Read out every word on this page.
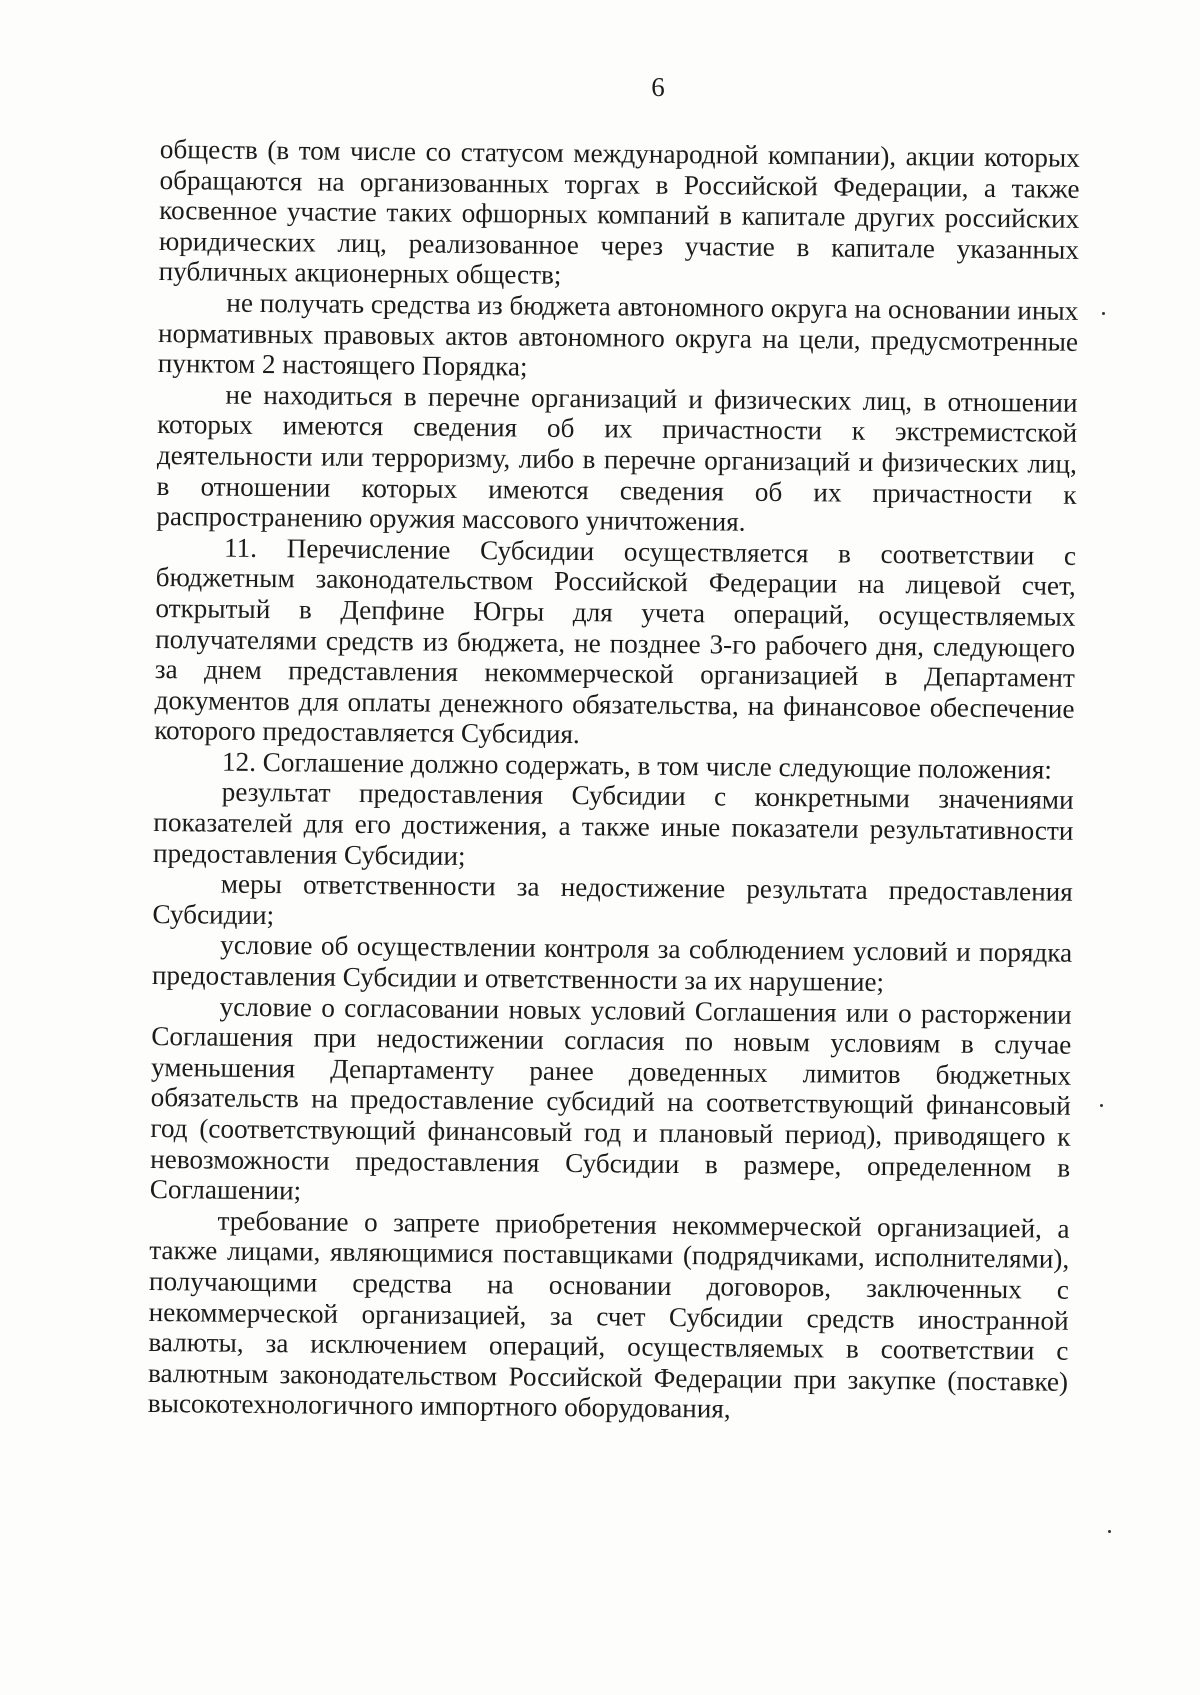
6

обществ (в том числе со статусом международной компании), акции которых обращаются на организованных торгах в Российской Федерации, а также косвенное участие таких офшорных компаний в капитале других российских юридических лиц, реализованное через участие в капитале указанных публичных акционерных обществ;

не получать средства из бюджета автономного округа на основании иных нормативных правовых актов автономного округа на цели, предусмотренные пунктом 2 настоящего Порядка;

не находиться в перечне организаций и физических лиц, в отношении которых имеются сведения об их причастности к экстремистской деятельности или терроризму, либо в перечне организаций и физических лиц, в отношении которых имеются сведения об их причастности к распространению оружия массового уничтожения.

11. Перечисление Субсидии осуществляется в соответствии с бюджетным законодательством Российской Федерации на лицевой счет, открытый в Депфине Югры для учета операций, осуществляемых получателями средств из бюджета, не позднее 3-го рабочего дня, следующего за днем представления некоммерческой организацией в Департамент документов для оплаты денежного обязательства, на финансовое обеспечение которого предоставляется Субсидия.

12. Соглашение должно содержать, в том числе следующие положения:

результат предоставления Субсидии с конкретными значениями показателей для его достижения, а также иные показатели результативности предоставления Субсидии;

меры ответственности за недостижение результата предоставления Субсидии;

условие об осуществлении контроля за соблюдением условий и порядка предоставления Субсидии и ответственности за их нарушение;

условие о согласовании новых условий Соглашения или о расторжении Соглашения при недостижении согласия по новым условиям в случае уменьшения Департаменту ранее доведенных лимитов бюджетных обязательств на предоставление субсидий на соответствующий финансовый год (соответствующий финансовый год и плановый период), приводящего к невозможности предоставления Субсидии в размере, определенном в Соглашении;

требование о запрете приобретения некоммерческой организацией, а также лицами, являющимися поставщиками (подрядчиками, исполнителями), получающими средства на основании договоров, заключенных с некоммерческой организацией, за счет Субсидии средств иностранной валюты, за исключением операций, осуществляемых в соответствии с валютным законодательством Российской Федерации при закупке (поставке) высокотехнологичного импортного оборудования,
